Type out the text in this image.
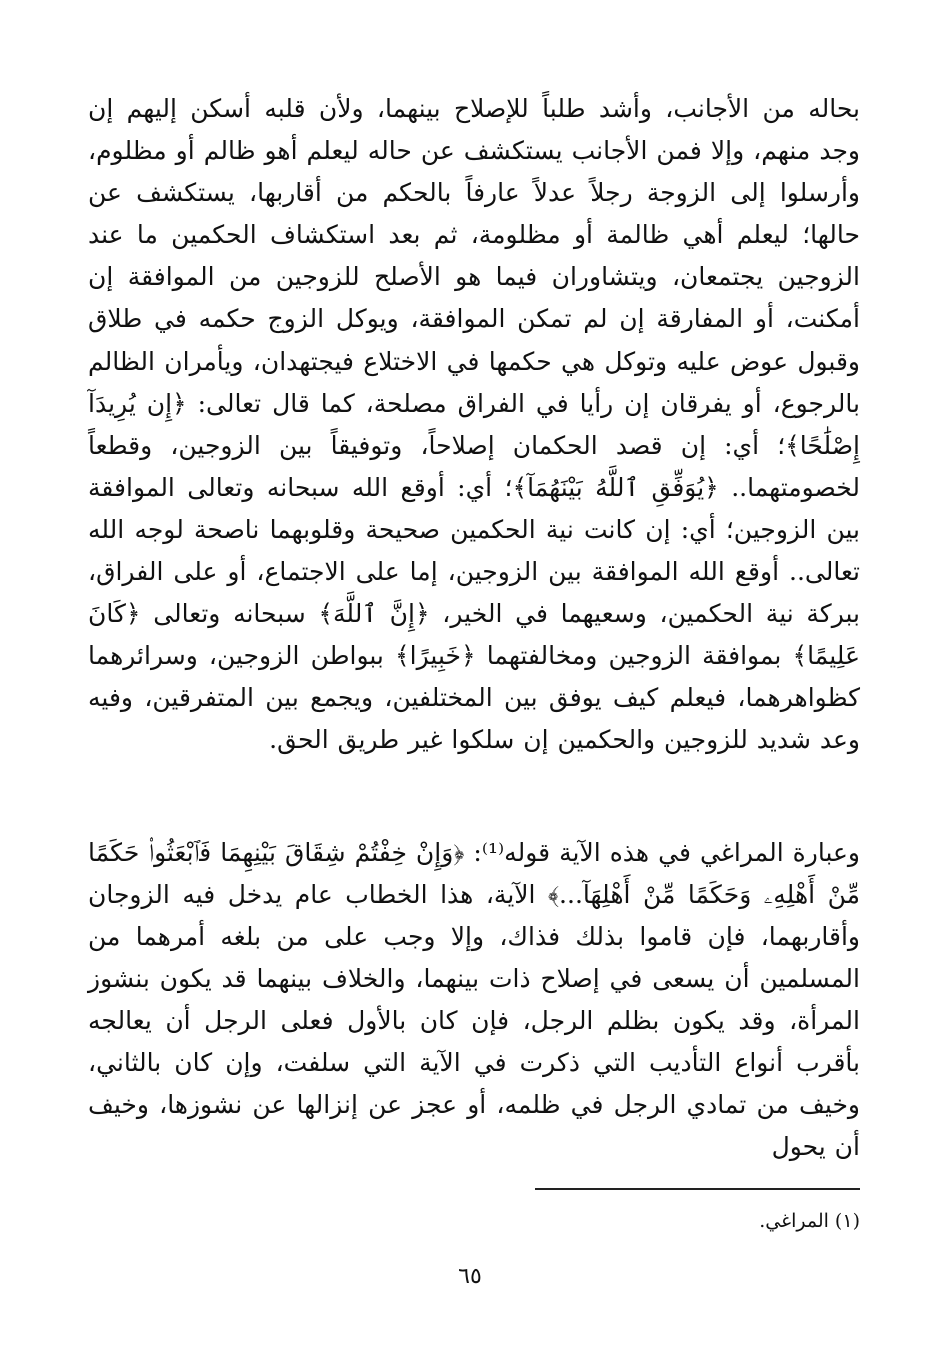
بحاله من الأجانب، وأشد طلباً للإصلاح بينهما، ولأن قلبه أسكن إليهم إن وجد منهم، وإلا فمن الأجانب يستكشف عن حاله ليعلم أهو ظالم أو مظلوم، وأرسلوا إلى الزوجة رجلاً عدلاً عارفاً بالحكم من أقاربها، يستكشف عن حالها؛ ليعلم أهي ظالمة أو مظلومة، ثم بعد استكشاف الحكمين ما عند الزوجين يجتمعان، ويتشاوران فيما هو الأصلح للزوجين من الموافقة إن أمكنت، أو المفارقة إن لم تمكن الموافقة، ويوكل الزوج حكمه في طلاق وقبول عوض عليه وتوكل هي حكمها في الاختلاع فيجتهدان، ويأمران الظالم بالرجوع، أو يفرقان إن رأيا في الفراق مصلحة، كما قال تعالى: ﴿إِن يُرِيدَآ إِصْلَٰحًا﴾؛ أي: إن قصد الحكمان إصلاحاً، وتوفيقاً بين الزوجين، وقطعاً لخصومتهما.. ﴿يُوَفِّقِ ٱللَّهُ بَيْنَهُمَآ﴾؛ أي: أوقع الله سبحانه وتعالى الموافقة بين الزوجين؛ أي: إن كانت نية الحكمين صحيحة وقلوبهما ناصحة لوجه الله تعالى.. أوقع الله الموافقة بين الزوجين، إما على الاجتماع، أو على الفراق، ببركة نية الحكمين، وسعيهما في الخير، ﴿إِنَّ ٱللَّهَ﴾ سبحانه وتعالى ﴿كَانَ عَلِيمًا﴾ بموافقة الزوجين ومخالفتهما ﴿خَبِيرًا﴾ ببواطن الزوجين، وسرائرهما كظواهرهما، فيعلم كيف يوفق بين المختلفين، ويجمع بين المتفرقين، وفيه وعد شديد للزوجين والحكمين إن سلكوا غير طريق الحق.

وعبارة المراغي في هذه الآية قوله⁽¹⁾: ﴿وَإِنْ خِفْتُمْ شِقَاقَ بَيْنِهِمَا فَٱبْعَثُوا۟ حَكَمًا مِّنْ أَهْلِهِۦ وَحَكَمًا مِّنْ أَهْلِهَآ...﴾ الآية، هذا الخطاب عام يدخل فيه الزوجان وأقاربهما، فإن قاموا بذلك فذاك، وإلا وجب على من بلغه أمرهما من المسلمين أن يسعى في إصلاح ذات بينهما، والخلاف بينهما قد يكون بنشوز المرأة، وقد يكون بظلم الرجل، فإن كان بالأول فعلى الرجل أن يعالجه بأقرب أنواع التأديب التي ذكرت في الآية التي سلفت، وإن كان بالثاني، وخيف من تمادي الرجل في ظلمه، أو عجز عن إنزالها عن نشوزها، وخيف أن يحول

(١) المراغي.

٦٥
